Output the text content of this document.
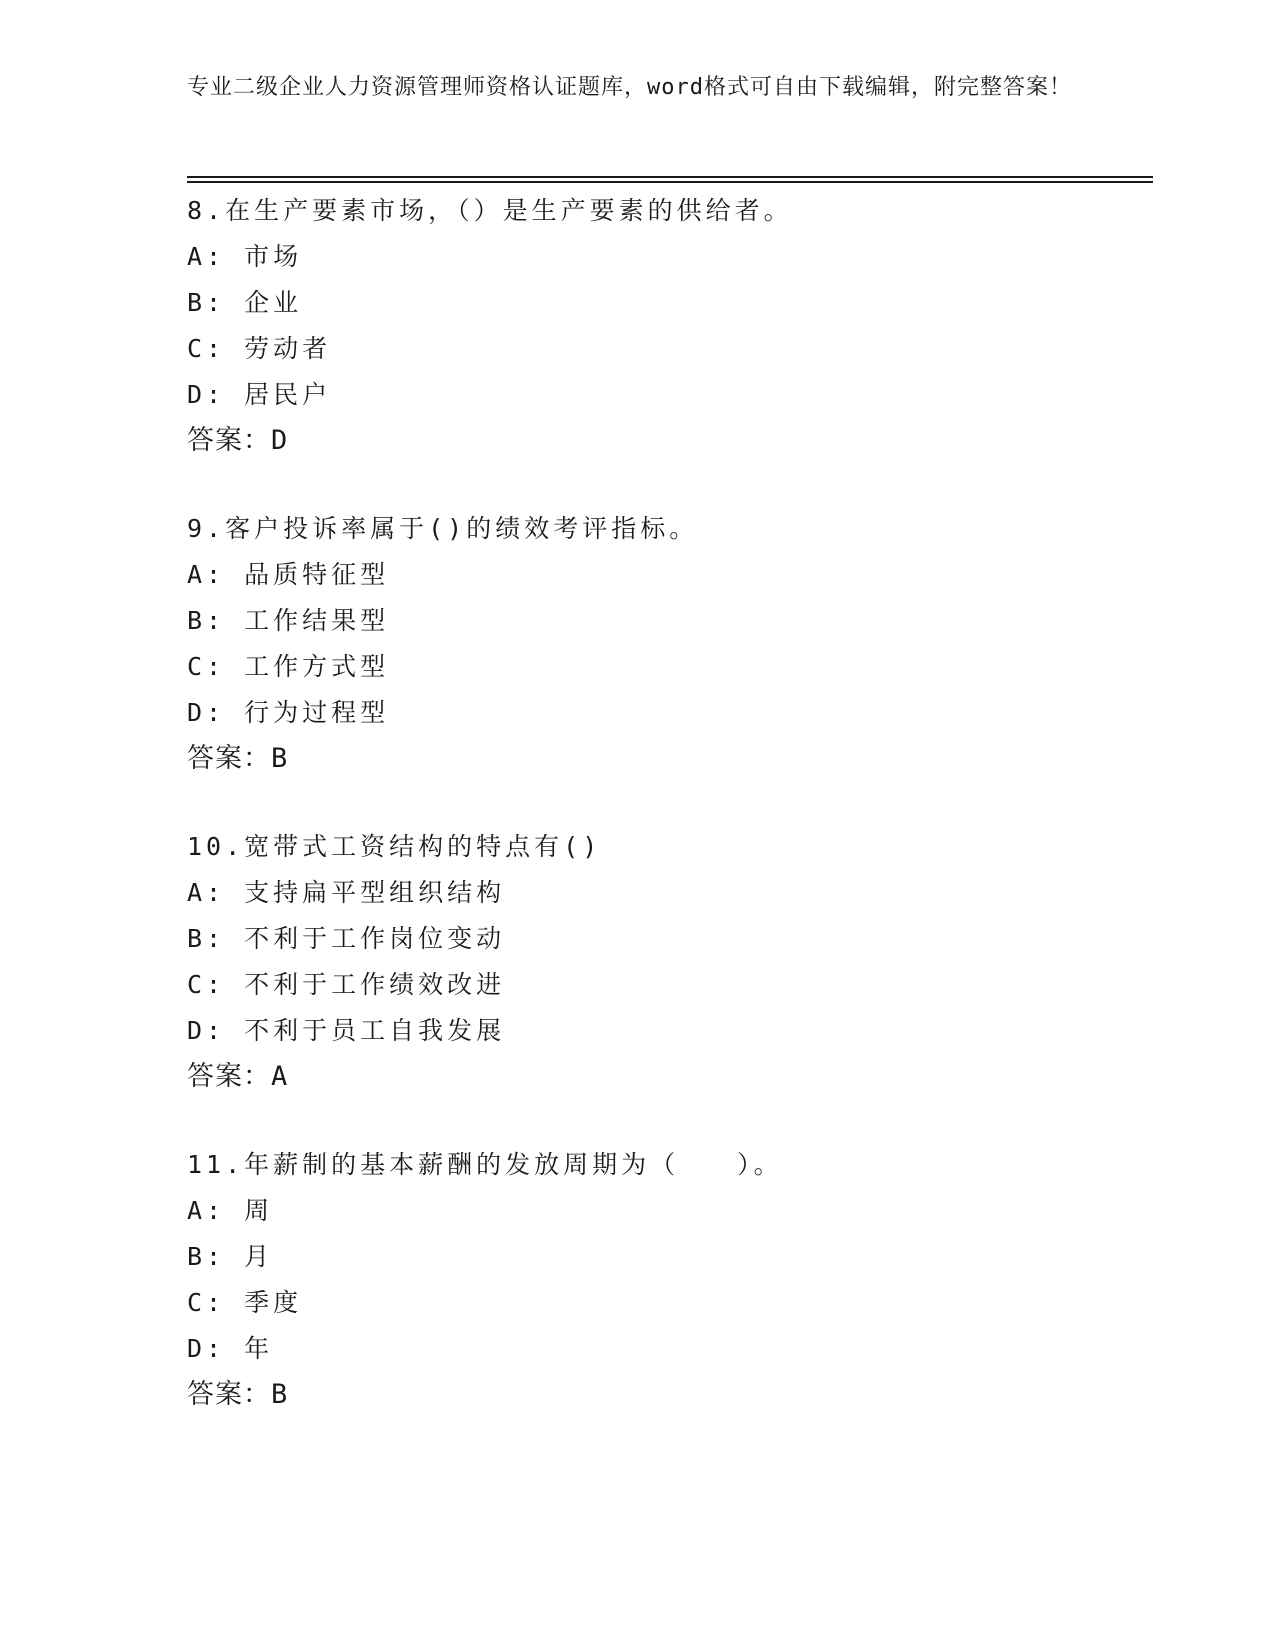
专业二级企业人力资源管理师资格认证题库，word格式可自由下载编辑，附完整答案！
8.在生产要素市场，（）是生产要素的供给者。
A: 市场
B: 企业
C: 劳动者
D: 居民户
答案：D
9.客户投诉率属于()的绩效考评指标。
A: 品质特征型
B: 工作结果型
C: 工作方式型
D: 行为过程型
答案：B
10.宽带式工资结构的特点有()
A: 支持扁平型组织结构
B: 不利于工作岗位变动
C: 不利于工作绩效改进
D: 不利于员工自我发展
答案：A
11.年薪制的基本薪酬的发放周期为（　　）。
A: 周
B: 月
C: 季度
D: 年
答案：B
